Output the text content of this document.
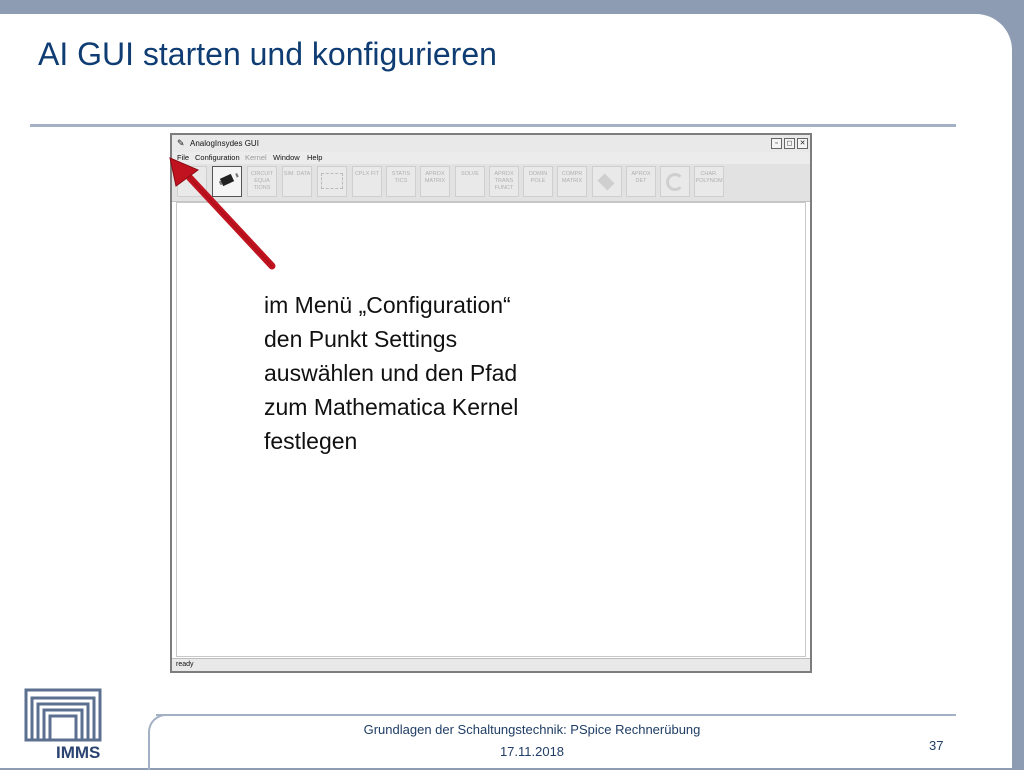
AI GUI starten und konfigurieren
✎ AnalogInsydes GUI	▫	◻	✕
File Configuration Kernel Window Help
CIRCUIT EQUA TIONS
SIM. DATA	CPLX FIT	STATIS TICS
APROX MATRIX
SOLVE	APROX TRANS FUNCT
DOMIN POLE
COMPR MATRIX
APROX DET
CHAR. POLYNOM
ready
im Menü „Configuration“
den Punkt Settings
auswählen und den Pfad
zum Mathematica Kernel
festlegen
IMMS
Grundlagen der Schaltungstechnik: PSpice Rechnerübung
17.11.2018	37
